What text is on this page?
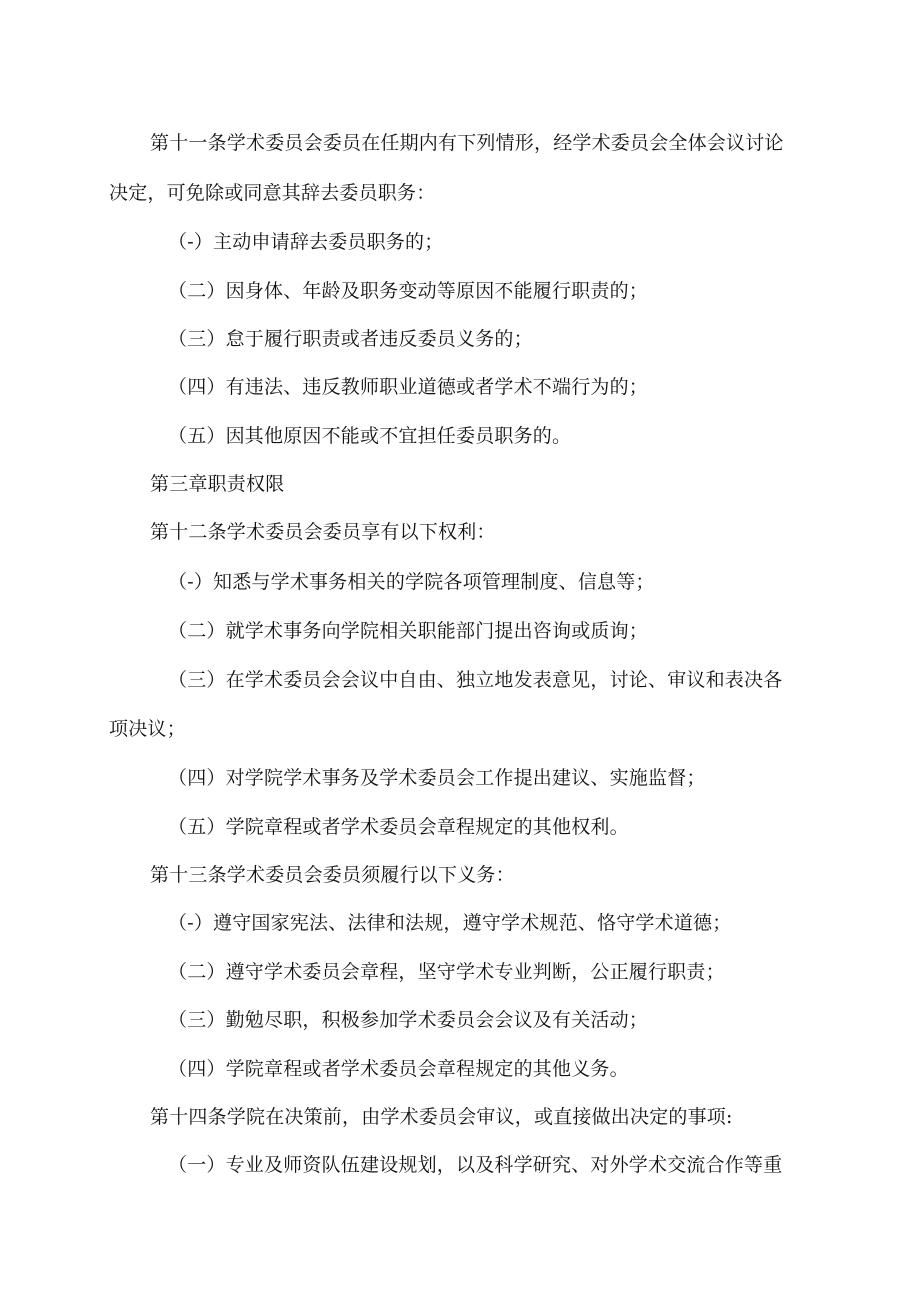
第十一条学术委员会委员在任期内有下列情形，经学术委员会全体会议讨论
决定，可免除或同意其辞去委员职务：
（-）主动申请辞去委员职务的；
（二）因身体、年龄及职务变动等原因不能履行职责的；
（三）怠于履行职责或者违反委员义务的；
（四）有违法、违反教师职业道德或者学术不端行为的；
（五）因其他原因不能或不宜担任委员职务的。
第三章职责权限
第十二条学术委员会委员享有以下权利：
（-）知悉与学术事务相关的学院各项管理制度、信息等；
（二）就学术事务向学院相关职能部门提出咨询或质询；
（三）在学术委员会会议中自由、独立地发表意见，讨论、审议和表决各
项决议；
（四）对学院学术事务及学术委员会工作提出建议、实施监督；
（五）学院章程或者学术委员会章程规定的其他权利。
第十三条学术委员会委员须履行以下义务：
（-）遵守国家宪法、法律和法规，遵守学术规范、恪守学术道德；
（二）遵守学术委员会章程，坚守学术专业判断，公正履行职责；
（三）勤勉尽职，积极参加学术委员会会议及有关活动；
（四）学院章程或者学术委员会章程规定的其他义务。
第十四条学院在决策前，由学术委员会审议，或直接做出决定的事项:
（一）专业及师资队伍建设规划，以及科学研究、对外学术交流合作等重
